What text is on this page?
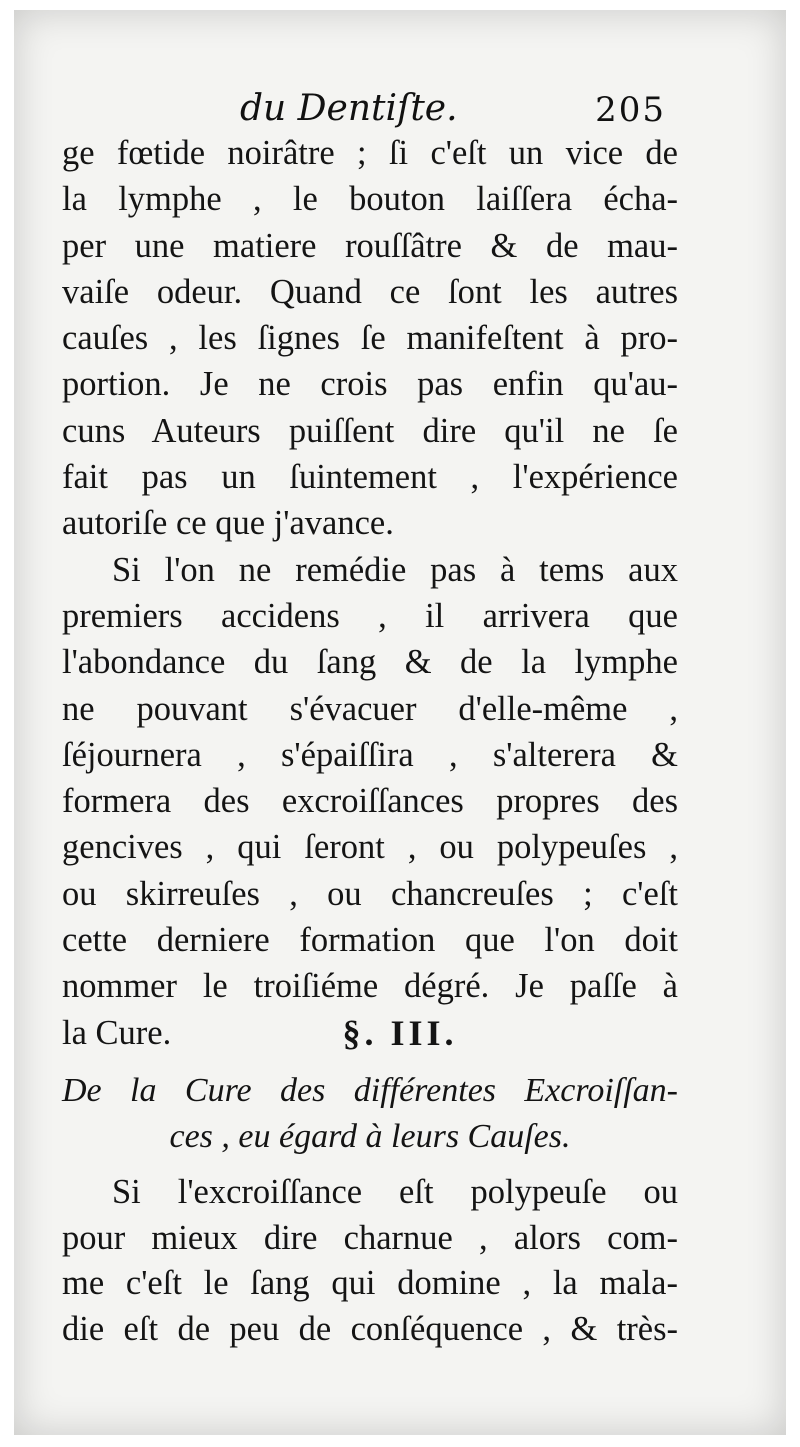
du Dentiſte.	205
ge fœtide noirâtre ; ſi c'eſt un vice de
la lymphe , le bouton laiſſera écha-
per une matiere rouſſâtre & de mau-
vaiſe odeur. Quand ce ſont les autres
cauſes , les ſignes ſe manifeſtent à pro-
portion. Je ne crois pas enfin qu'au-
cuns Auteurs puiſſent dire qu'il ne ſe
fait pas un ſuintement , l'expérience
autoriſe ce que j'avance.
Si l'on ne remédie pas à tems aux
premiers accidens , il arrivera que
l'abondance du ſang & de la lymphe
ne pouvant s'évacuer d'elle-même ,
ſéjournera , s'épaiſſira , s'alterera &
formera des excroiſſances propres des
gencives , qui ſeront , ou polypeuſes ,
ou skirreuſes , ou chancreuſes ; c'eſt
cette derniere formation que l'on doit
nommer le troiſiéme dégré. Je paſſe à
la Cure.	§. III.
De la Cure des différentes Excroiſſan-
ces , eu égard à leurs Cauſes.
Si l'excroiſſance eſt polypeuſe ou
pour mieux dire charnue , alors com-
me c'eſt le ſang qui domine , la mala-
die eſt de peu de conſéquence , & très-
